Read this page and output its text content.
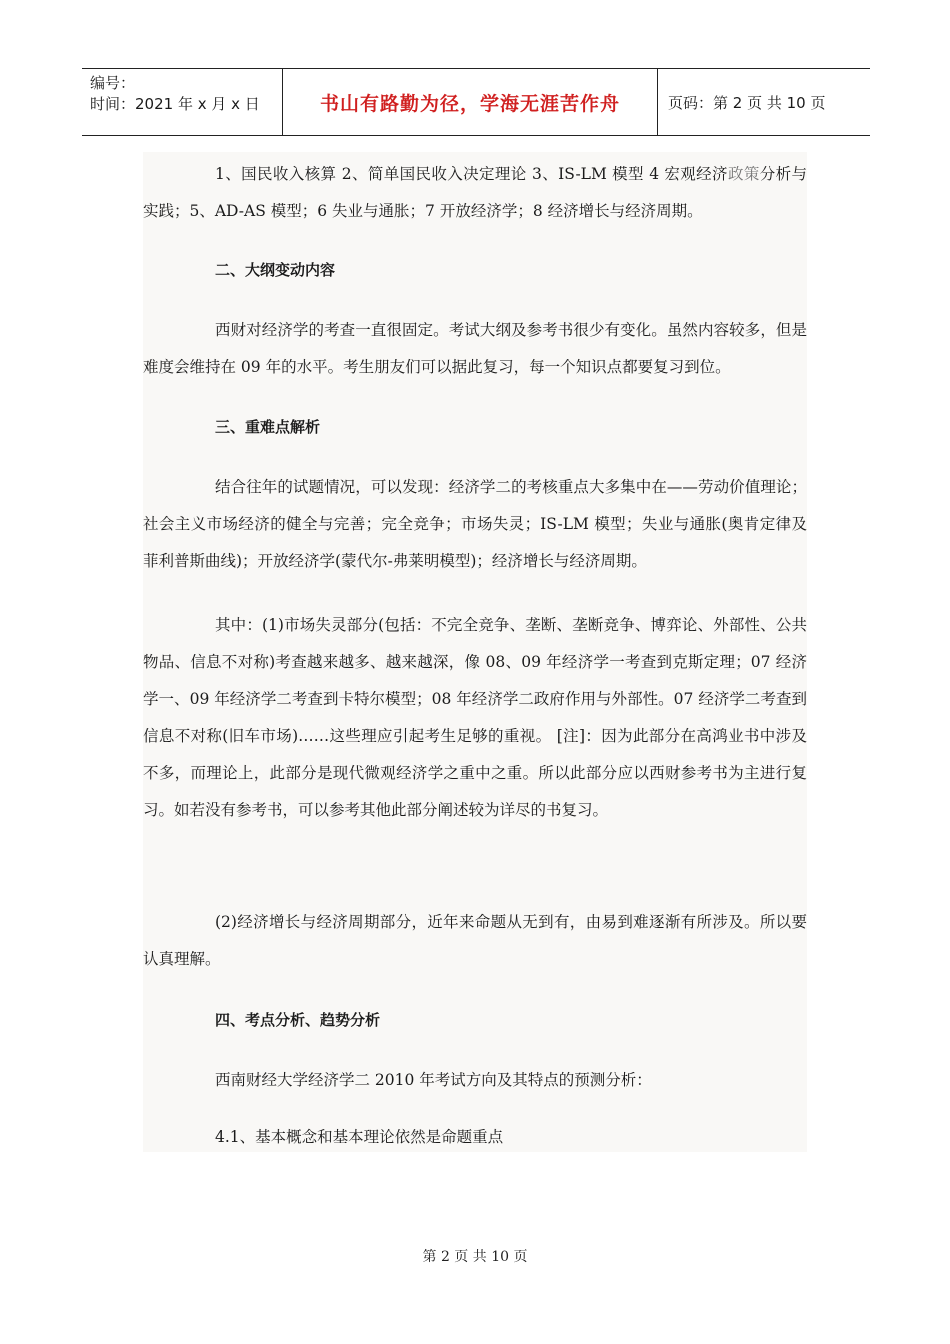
编号：
时间：2021 年 x 月 x 日	书山有路勤为径，学海无涯苦作舟	页码：第 2 页 共 10 页

1、国民收入核算 2、简单国民收入决定理论 3、IS-LM 模型 4 宏观经济政策分析与实践；5、AD-AS 模型；6 失业与通胀；7 开放经济学；8 经济增长与经济周期。

二、大纲变动内容

西财对经济学的考查一直很固定。考试大纲及参考书很少有变化。虽然内容较多，但是难度会维持在 09 年的水平。考生朋友们可以据此复习，每一个知识点都要复习到位。

三、重难点解析

结合往年的试题情况，可以发现：经济学二的考核重点大多集中在——劳动价值理论；社会主义市场经济的健全与完善；完全竞争；市场失灵；IS-LM 模型；失业与通胀(奥肯定律及菲利普斯曲线)；开放经济学(蒙代尔-弗莱明模型)；经济增长与经济周期。

其中：(1)市场失灵部分(包括：不完全竞争、垄断、垄断竞争、博弈论、外部性、公共物品、信息不对称)考查越来越多、越来越深，像 08、09 年经济学一考查到克斯定理；07 经济学一、09 年经济学二考查到卡特尔模型；08 年经济学二政府作用与外部性。07 经济学二考查到信息不对称(旧车市场)……这些理应引起考生足够的重视。 [注]：因为此部分在高鸿业书中涉及不多，而理论上，此部分是现代微观经济学之重中之重。所以此部分应以西财参考书为主进行复习。如若没有参考书，可以参考其他此部分阐述较为详尽的书复习。

(2)经济增长与经济周期部分，近年来命题从无到有，由易到难逐渐有所涉及。所以要认真理解。

四、考点分析、趋势分析

西南财经大学经济学二 2010 年考试方向及其特点的预测分析：

4.1、基本概念和基本理论依然是命题重点

第 2 页 共 10 页
